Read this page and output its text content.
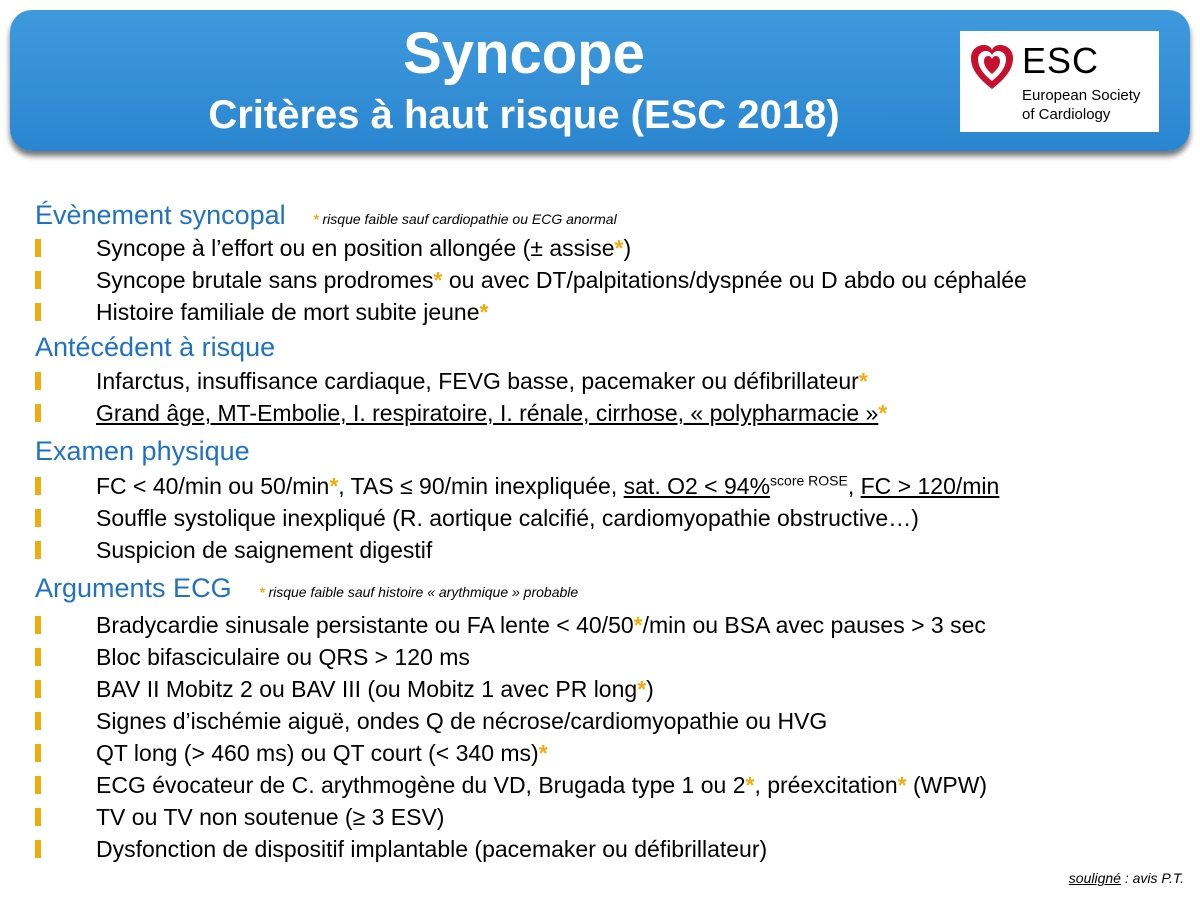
Syncope
Critères à haut risque (ESC 2018)
ESC
European Society
of Cardiology
Évènement syncopal * risque faible sauf cardiopathie ou ECG anormal
Syncope à l’effort ou en position allongée (± assise*)
Syncope brutale sans prodromes* ou avec DT/palpitations/dyspnée ou D abdo ou céphalée
Histoire familiale de mort subite jeune*
Antécédent à risque
Infarctus, insuffisance cardiaque, FEVG basse, pacemaker ou défibrillateur*
Grand âge, MT-Embolie, I. respiratoire, I. rénale, cirrhose, « polypharmacie »*
Examen physique
FC < 40/min ou 50/min*, TAS ≤ 90/min inexpliquée, sat. O2 < 94%$^{score ROSE}$, FC > 120/min
Souffle systolique inexpliqué (R. aortique calcifié, cardiomyopathie obstructive…)
Suspicion de saignement digestif
Arguments ECG * risque faible sauf histoire « arythmique » probable
Bradycardie sinusale persistante ou FA lente < 40/50*/min ou BSA avec pauses > 3 sec
Bloc bifasciculaire ou QRS > 120 ms
BAV II Mobitz 2 ou BAV III (ou Mobitz 1 avec PR long*)
Signes d’ischémie aiguë, ondes Q de nécrose/cardiomyopathie ou HVG
QT long (> 460 ms) ou QT court (< 340 ms)*
ECG évocateur de C. arythmogène du VD, Brugada type 1 ou 2*, préexcitation* (WPW)
TV ou TV non soutenue (≥ 3 ESV)
Dysfonction de dispositif implantable (pacemaker ou défibrillateur)
souligné : avis P.T.
